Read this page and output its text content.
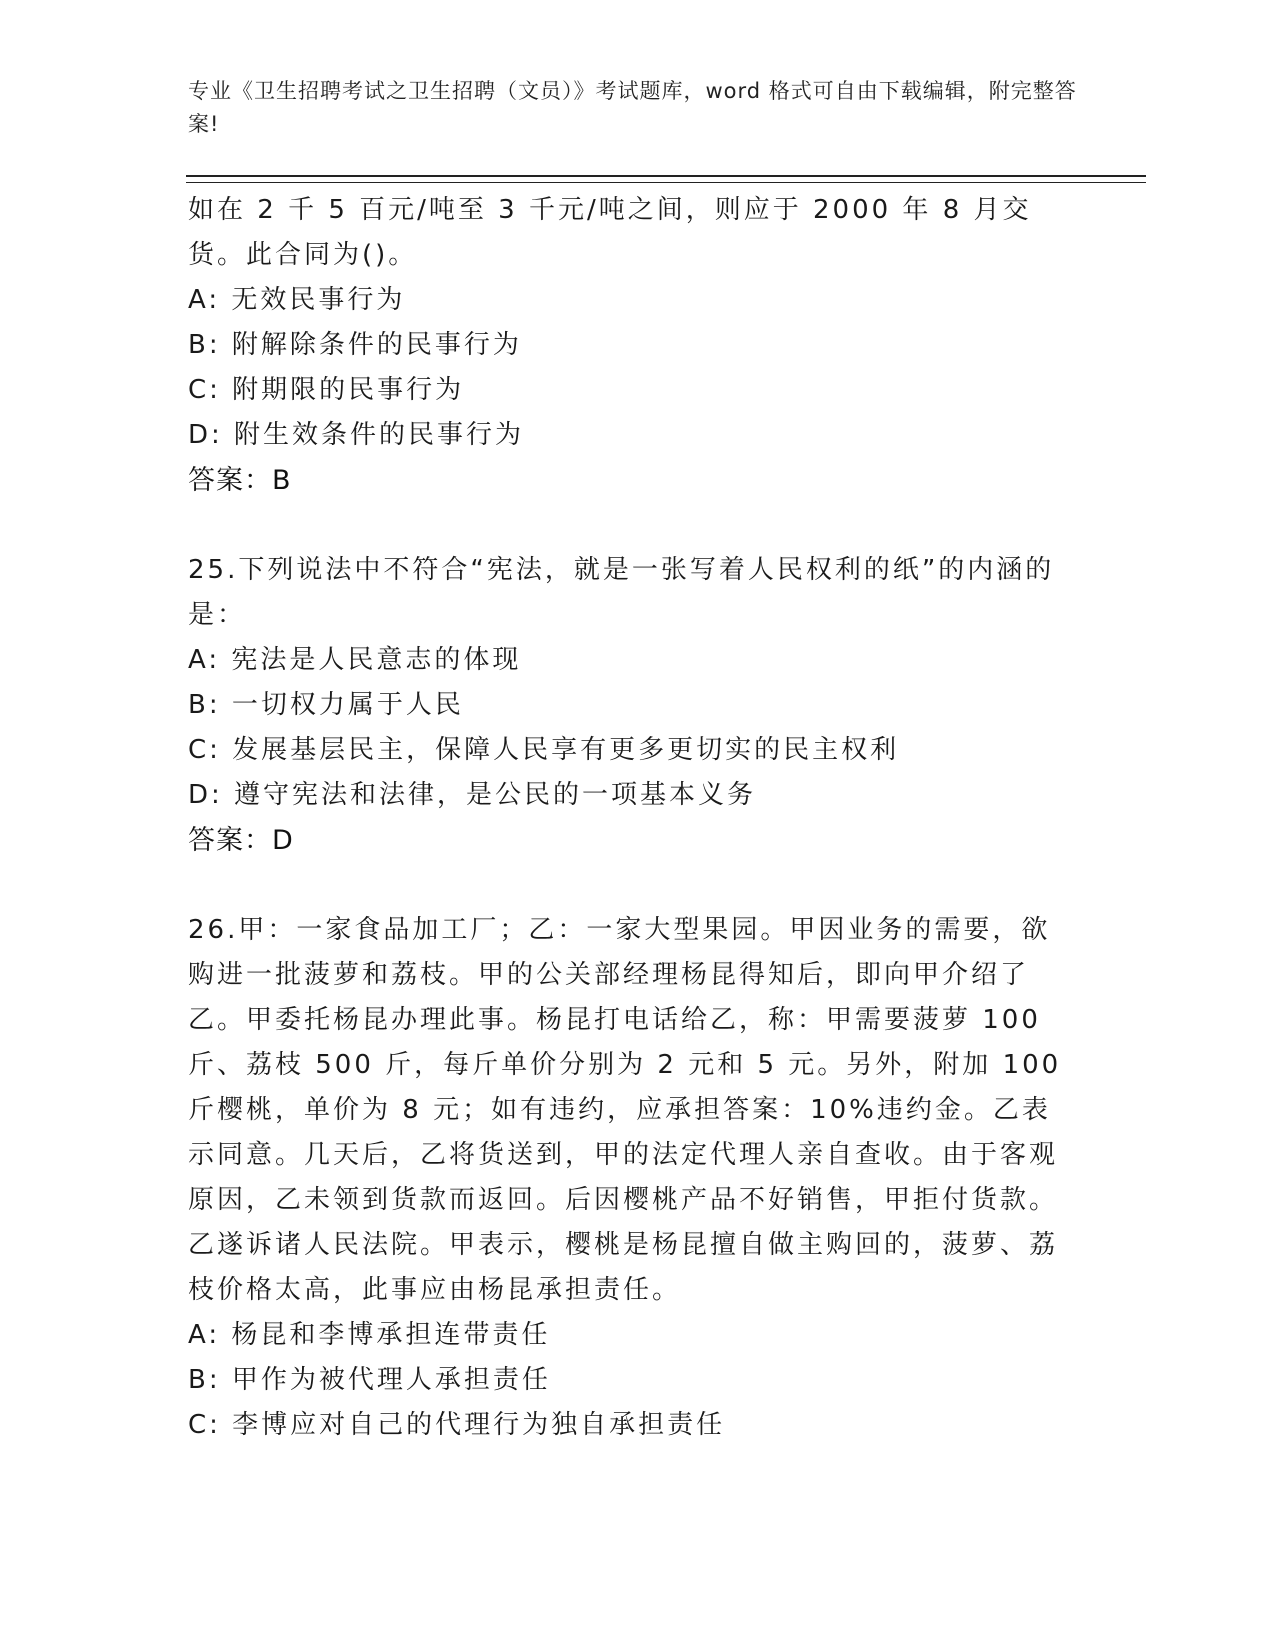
专业《卫生招聘考试之卫生招聘（文员）》考试题库，word 格式可自由下载编辑，附完整答案!

如在 2 千 5 百元/吨至 3 千元/吨之间，则应于 2000 年 8 月交货。此合同为()。

A: 无效民事行为

B: 附解除条件的民事行为

C: 附期限的民事行为

D: 附生效条件的民事行为

答案：B

25.下列说法中不符合“宪法，就是一张写着人民权利的纸”的内涵的是：

A: 宪法是人民意志的体现

B: 一切权力属于人民

C: 发展基层民主，保障人民享有更多更切实的民主权利

D: 遵守宪法和法律，是公民的一项基本义务

答案：D

26.甲：一家食品加工厂；乙：一家大型果园。甲因业务的需要，欲购进一批菠萝和荔枝。甲的公关部经理杨昆得知后，即向甲介绍了乙。甲委托杨昆办理此事。杨昆打电话给乙，称：甲需要菠萝 100 斤、荔枝 500 斤，每斤单价分别为 2 元和 5 元。另外，附加 100 斤樱桃，单价为 8 元；如有违约，应承担答案：10%违约金。乙表示同意。几天后，乙将货送到，甲的法定代理人亲自查收。由于客观原因，乙未领到货款而返回。后因樱桃产品不好销售，甲拒付货款。乙遂诉诸人民法院。甲表示，樱桃是杨昆擅自做主购回的，菠萝、荔枝价格太高，此事应由杨昆承担责任。

A: 杨昆和李博承担连带责任

B: 甲作为被代理人承担责任

C: 李博应对自己的代理行为独自承担责任
